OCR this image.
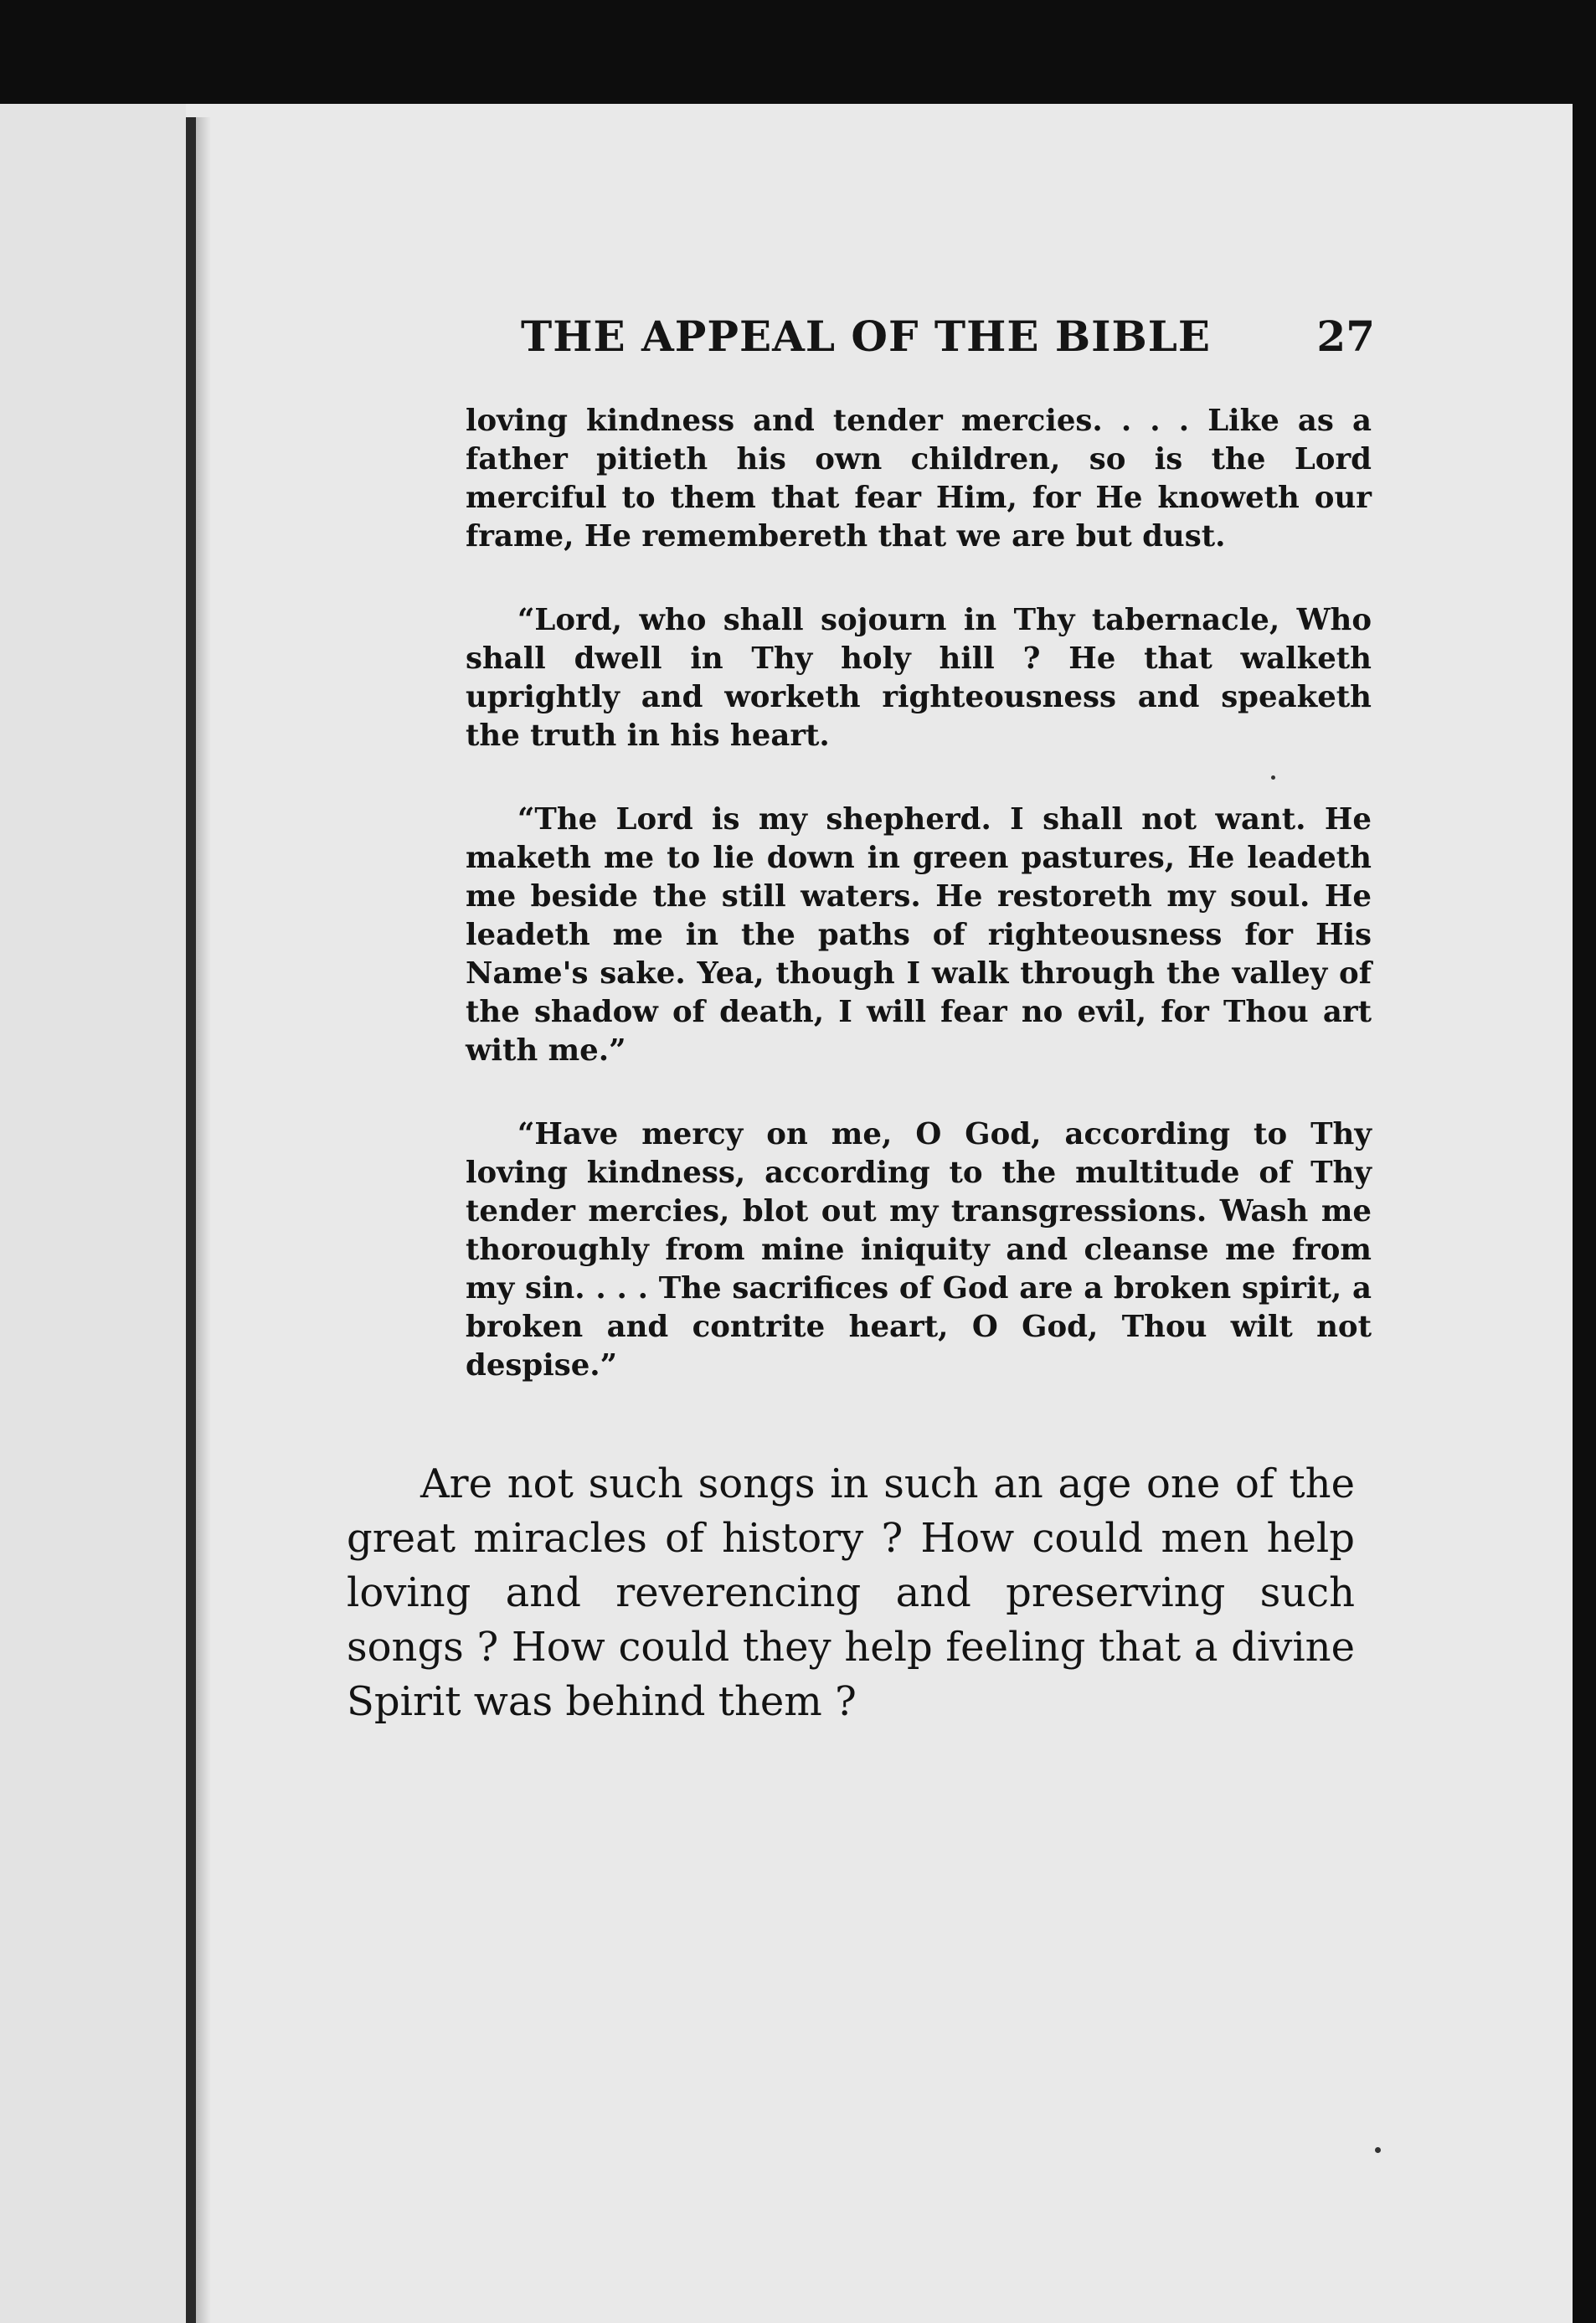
THE APPEAL OF THE BIBLE	27

loving kindness and tender mercies. . . . Like as a father pitieth his own children, so is the Lord merciful to them that fear Him, for He knoweth our frame, He remembereth that we are but dust.

“Lord, who shall sojourn in Thy tabernacle, Who shall dwell in Thy holy hill ? He that walketh uprightly and worketh righteousness and speaketh the truth in his heart.

“The Lord is my shepherd. I shall not want. He maketh me to lie down in green pastures, He leadeth me beside the still waters. He restoreth my soul. He leadeth me in the paths of righteousness for His Name's sake. Yea, though I walk through the valley of the shadow of death, I will fear no evil, for Thou art with me.”

“Have mercy on me, O God, according to Thy loving kindness, according to the multitude of Thy tender mercies, blot out my transgressions. Wash me thoroughly from mine iniquity and cleanse me from my sin. . . . The sacrifices of God are a broken spirit, a broken and contrite heart, O God, Thou wilt not despise.”

Are not such songs in such an age one of the great miracles of history ? How could men help loving and reverencing and preserving such songs ? How could they help feeling that a divine Spirit was behind them ?
